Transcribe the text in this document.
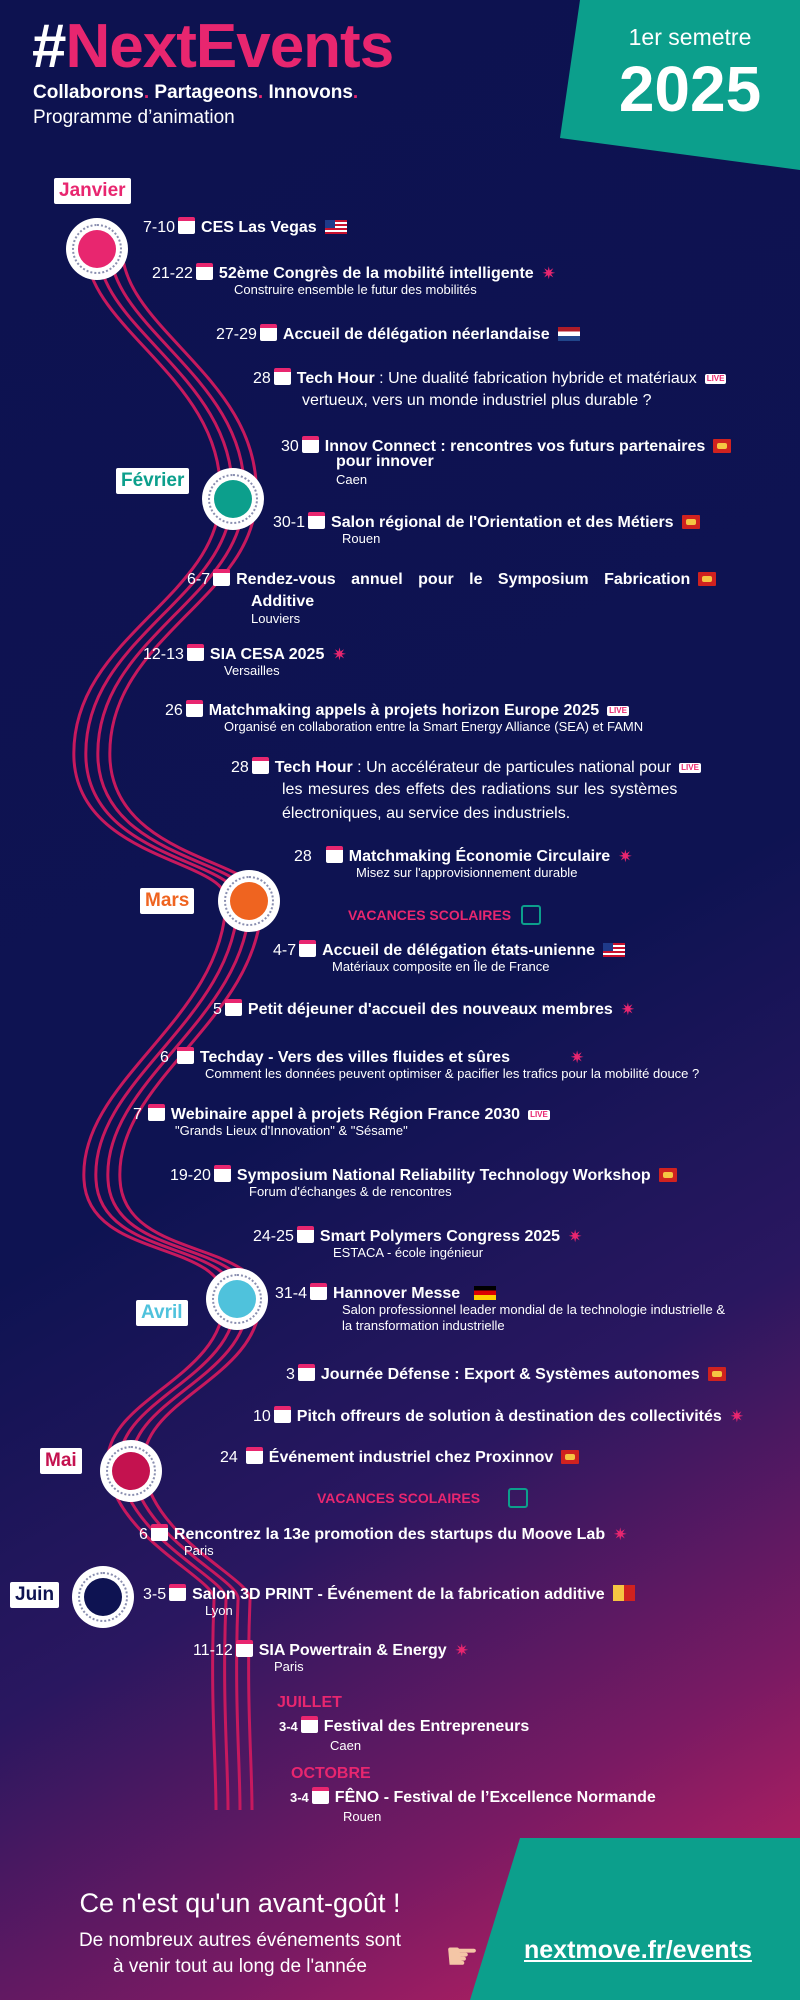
#NextEvents
Collaborons. Partageons. Innovons.
Programme d’animation
1er semetre
2025
Janvier
Février
Mars
Avril
Mai
Juin
7-10 CES Las Vegas
21-22 52ème Congrès de la mobilité intelligente ✷
Construire ensemble le futur des mobilités
27-29 Accueil de délégation néerlandaise
28 Tech Hour : Une dualité fabrication hybride et matériaux LIVE
vertueux, vers un monde industriel plus durable ?
30 Innov Connect : rencontres vos futurs partenaires
pour innover
Caen
30-1 Salon régional de l'Orientation et des Métiers
Rouen
6-7 Rendez-vous annuel pour le Symposium Fabrication
Additive
Louviers
12-13 SIA CESA 2025 ✷
Versailles
26 Matchmaking appels à projets horizon Europe 2025 LIVE
Organisé en collaboration entre la Smart Energy Alliance (SEA) et FAMN
28 Tech Hour : Un accélérateur de particules national pour LIVE
les mesures des effets des radiations sur les systèmes
électroniques, au service des industriels.
28 Matchmaking Économie Circulaire ✷
Misez sur l'approvisionnement durable
VACANCES SCOLAIRES
4-7 Accueil de délégation états-unienne
Matériaux composite en Île de France
5 Petit déjeuner d'accueil des nouveaux membres ✷
6 Techday - Vers des villes fluides et sûres	✷
Comment les données peuvent optimiser & pacifier les trafics pour la mobilité douce ?
7 Webinaire appel à projets Région France 2030 LIVE
"Grands Lieux d'Innovation" & "Sésame"
19-20 Symposium National Reliability Technology Workshop
Forum d'échanges & de rencontres
24-25 Smart Polymers Congress 2025 ✷
ESTACA - école ingénieur
31-4 Hannover Messe
Salon professionnel leader mondial de la technologie industrielle &
la transformation industrielle
3 Journée Défense : Export & Systèmes autonomes
10 Pitch offreurs de solution à destination des collectivités ✷
24 Événement industriel chez Proxinnov
VACANCES SCOLAIRES
6 Rencontrez la 13e promotion des startups du Moove Lab ✷
Paris
3-5 Salon 3D PRINT - Événement de la fabrication additive
Lyon
11-12 SIA Powertrain & Energy ✷
Paris
JUILLET
3-4 Festival des Entrepreneurs
Caen
OCTOBRE
3-4 FÊNO - Festival de l’Excellence Normande
Rouen
Ce n'est qu'un avant-goût !
De nombreux autres événements sont
à venir tout au long de l'année	☛ nextmove.fr/events
